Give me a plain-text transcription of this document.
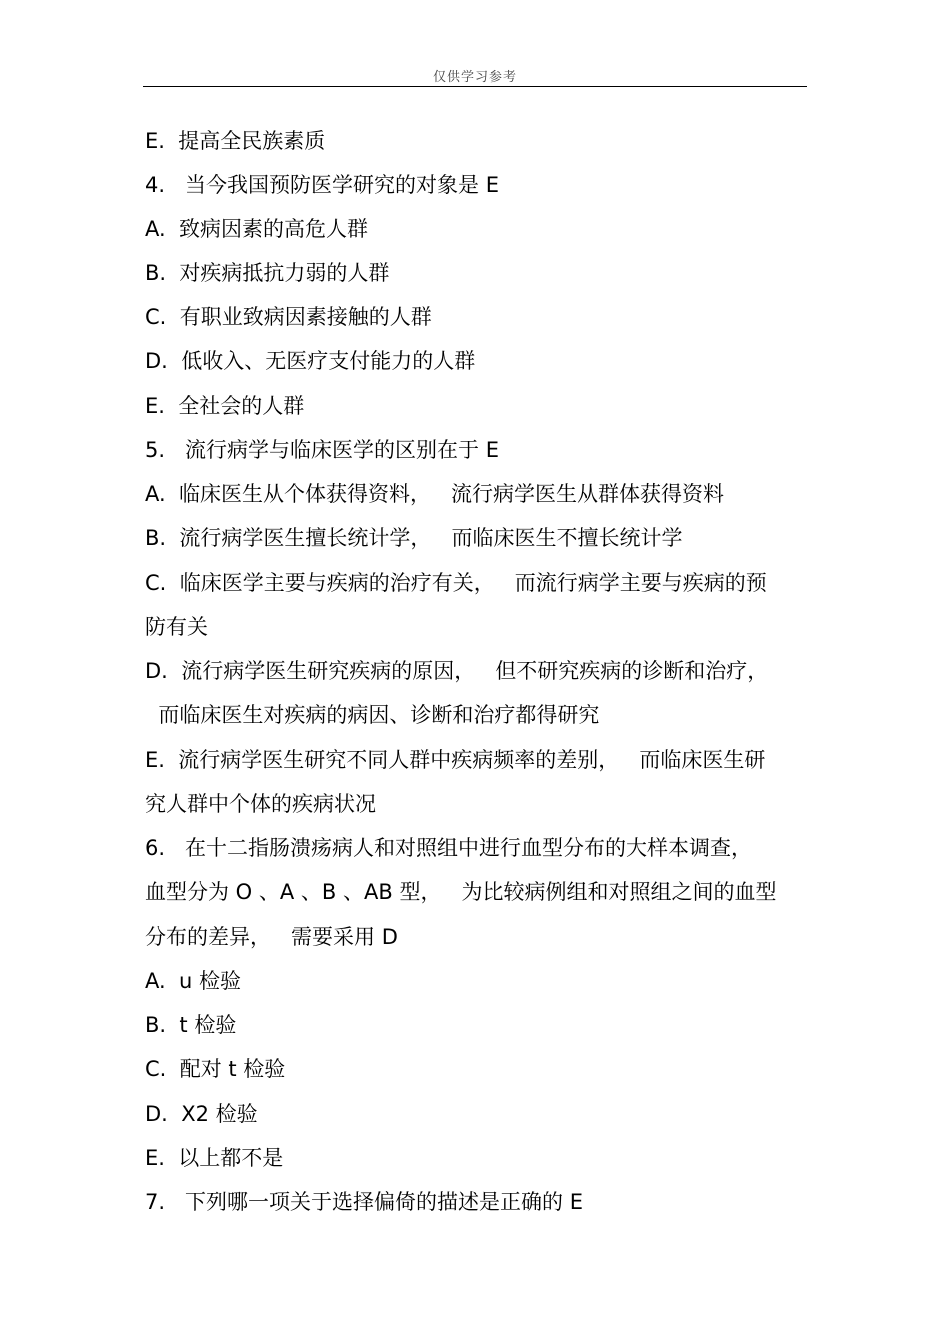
仅供学习参考
E.  提高全民族素质
4.   当今我国预防医学研究的对象是 E
A.  致病因素的高危人群
B.  对疾病抵抗力弱的人群
C.  有职业致病因素接触的人群
D.  低收入、无医疗支付能力的人群
E.  全社会的人群
5.   流行病学与临床医学的区别在于 E
A.  临床医生从个体获得资料，   流行病学医生从群体获得资料
B.  流行病学医生擅长统计学，   而临床医生不擅长统计学
C.  临床医学主要与疾病的治疗有关，   而流行病学主要与疾病的预
防有关
D.  流行病学医生研究疾病的原因，   但不研究疾病的诊断和治疗，
而临床医生对疾病的病因、诊断和治疗都得研究
E.  流行病学医生研究不同人群中疾病频率的差别，   而临床医生研
究人群中个体的疾病状况
6.   在十二指肠溃疡病人和对照组中进行血型分布的大样本调查，
血型分为 O 、A 、B 、AB 型，   为比较病例组和对照组之间的血型
分布的差异，   需要采用 D
A.  u 检验
B.  t 检验
C.  配对 t 检验
D.  X2 检验
E.  以上都不是
7.   下列哪一项关于选择偏倚的描述是正确的 E
